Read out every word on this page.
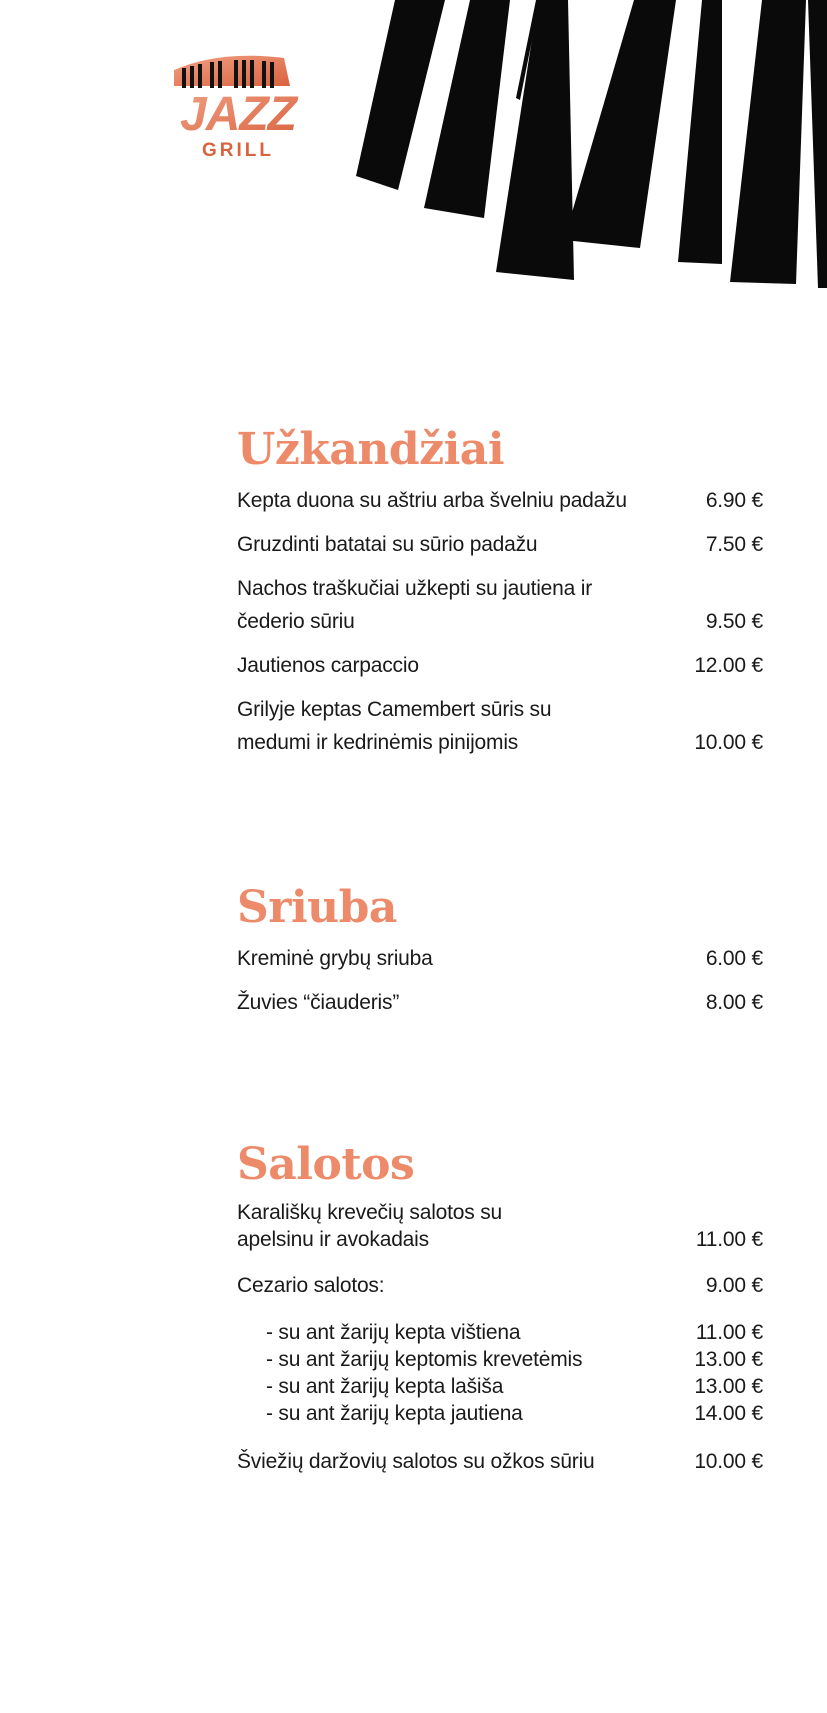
JAZZ
GRILL
Užkandžiai
Kepta duona su aštriu arba švelniu padažu	6.90 €
Gruzdinti batatai su sūrio padažu	7.50 €
Nachos traškučiai užkepti su jautiena ir
čederio sūriu	9.50 €
Jautienos carpaccio	12.00 €
Grilyje keptas Camembert sūris su
medumi ir kedrinėmis pinijomis	10.00 €
Sriuba
Kreminė grybų sriuba	6.00 €
Žuvies “čiauderis”	8.00 €
Salotos
Karališkų krevečių salotos su
apelsinu ir avokadais	11.00 €
Cezario salotos:	9.00 €
- su ant žarijų kepta vištiena	11.00 €
- su ant žarijų keptomis krevetėmis	13.00 €
- su ant žarijų kepta lašiša	13.00 €
- su ant žarijų kepta jautiena	14.00 €
Šviežių daržovių salotos su ožkos sūriu	10.00 €
